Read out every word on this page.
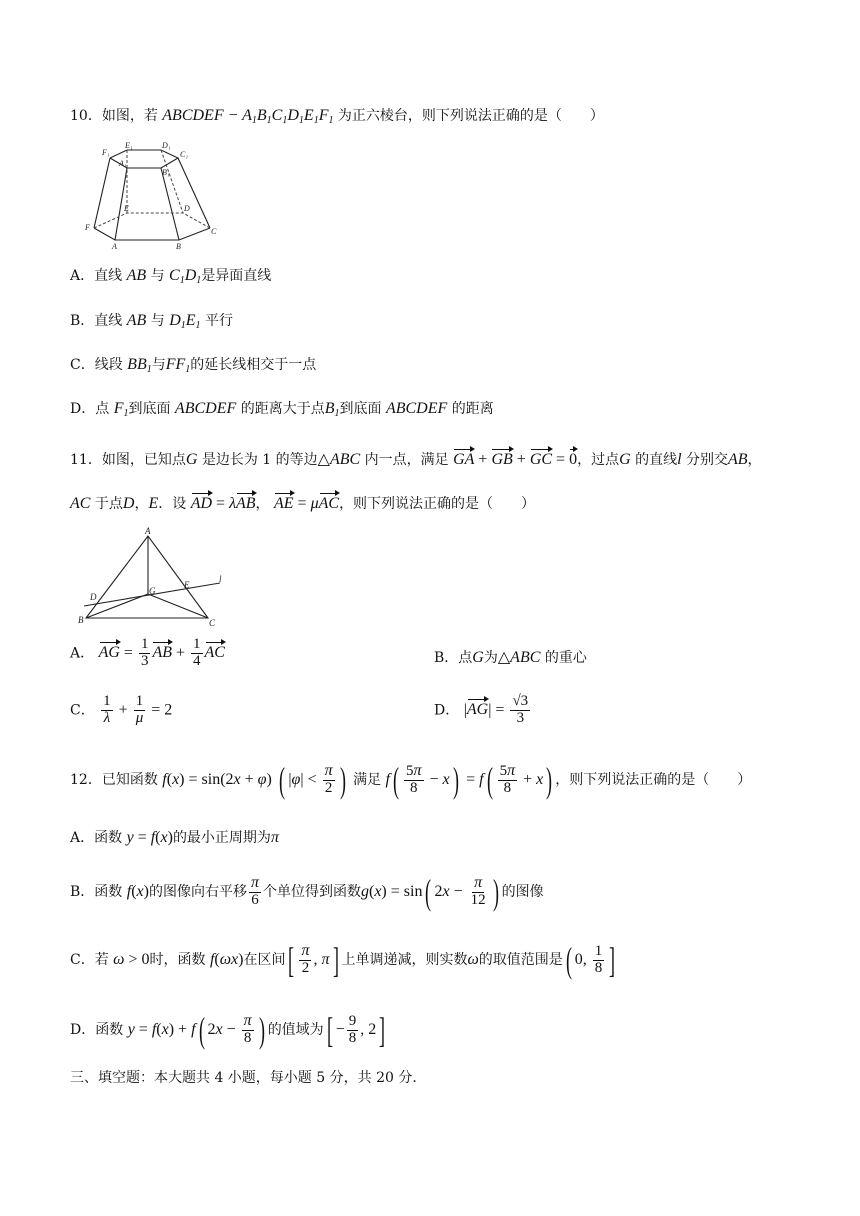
10．如图，若 ABCDEF − $A_1B_1C_1D_1E_1F_1$ 为正六棱台，则下列说法正确的是（　　）
F₁
E₁	D₁
C₁
A₁
B₁
F
E	D
C
A	B
A．直线 AB 与 $C_1D_1$是异面直线
B．直线 AB 与 $D_1E_1$ 平行
C．线段 $BB_1$与$FF_1$的延长线相交于一点
D．点 $F_1$到底面 ABCDEF 的距离大于点$B_1$到底面 ABCDEF 的距离
11．如图，已知点G 是边长为 1 的等边△ABC 内一点，满足 GA + GB + GC = 0，过点G 的直线l 分别交AB，
AC 于点D，E．设 AD = λAB， AE = μAC，则下列说法正确的是（　　）
A
D
G
E
l
B	C
A． AG = $\frac{1}{3}$ AB + $\frac{1}{4}$ AC	B．点G为△ABC 的重心
C． $\frac{1}{\lambda} + \frac{1}{\mu} = 2$	D． $|AG| = \frac{√3}{3}$
12．已知函数 f(x) = sin(2x + φ) ( $|\varphi| < \frac{\pi}{2}$ ) 满足 $f( \frac{5\pi}{8} - x) = f( \frac{5\pi}{8} + x)$ ，则下列说法正确的是（　　）
A．函数 y = f(x)的最小正周期为π
B．函数 f(x)的图像向右平移 $\frac{\pi}{6}$ 个单位得到函数g(x) = sin( $2x - \frac{\pi}{12}$ ) 的图像
C．若 ω > 0时，函数 f(ωx)在区间[ $\frac{\pi}{2}$ , π] 上单调递减，则实数ω的取值范围是( 0, $\frac{1}{8}$ ]
D．函数 y = f(x) + f( $2x - \frac{\pi}{8}$ ) 的值域为[ − $\frac{9}{8}$ , 2]
三、填空题：本大题共 4 小题，每小题 5 分，共 20 分．
